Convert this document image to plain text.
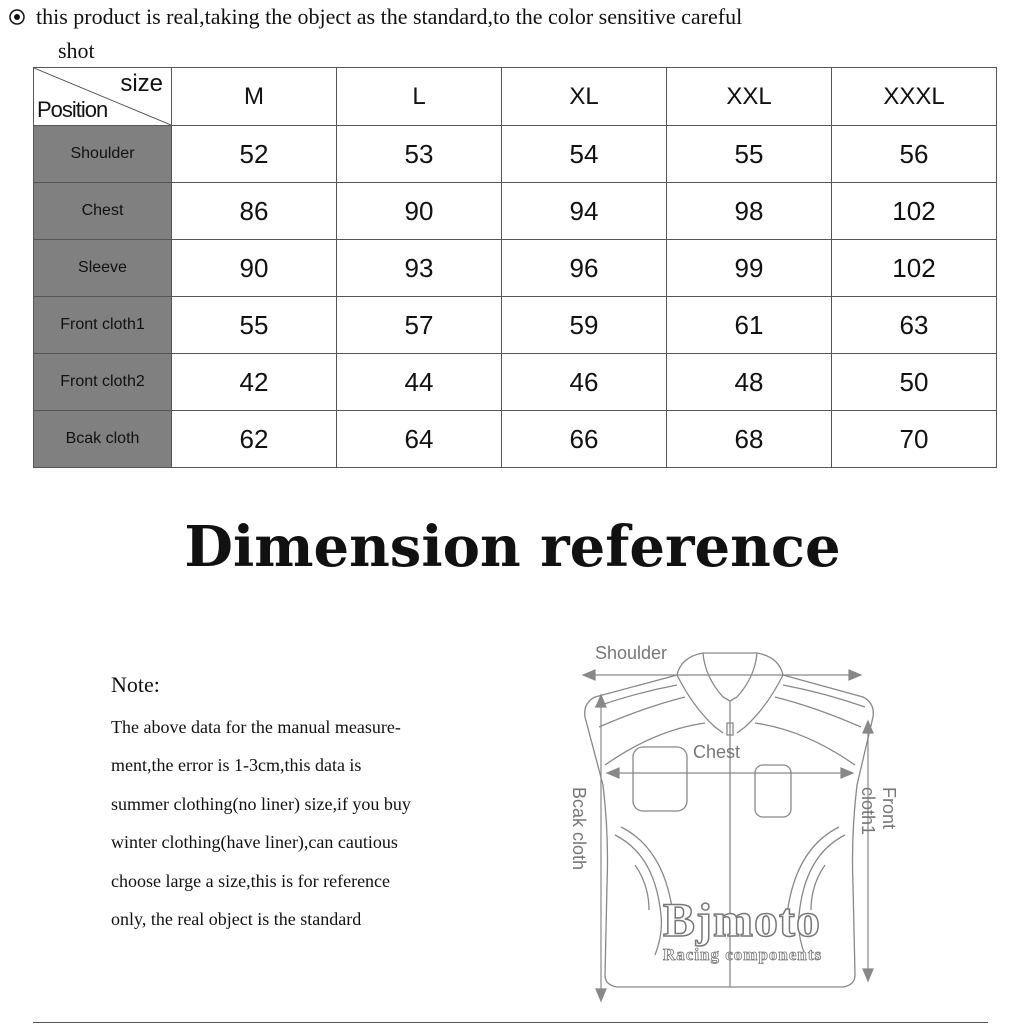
this product is real,taking the object as the standard,to the color sensitive careful
shot
size
Position	M	L	XL	XXL	XXXL
Shoulder	52	53	54	55	56
Chest	86	90	94	98	102
Sleeve	90	93	96	99	102
Front cloth1	55	57	59	61	63
Front cloth2	42	44	46	48	50
Bcak cloth	62	64	66	68	70
Dimension reference
Note:
The above data for the manual measure-
ment,the error is 1-3cm,this data is
summer clothing(no liner) size,if you buy
winter clothing(have liner),can cautious
choose large a size,this is for reference
only, the real object is the standard
Shoulder
Chest
Bcak cloth	Front cloth1
Bjmoto
Racing components
